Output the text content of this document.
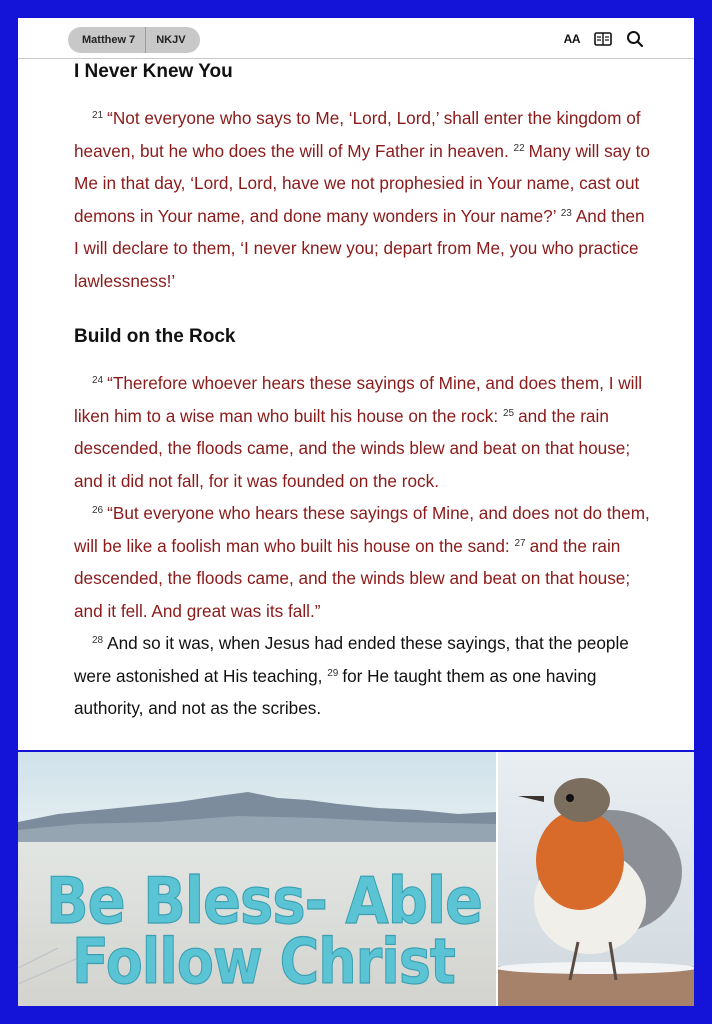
Matthew 7	NKJV	AA
I Never Knew You

$^{21}$ “Not everyone who says to Me, ‘Lord, Lord,’ shall enter the kingdom of heaven, but he who does the will of My Father in heaven. $^{22}$ Many will say to Me in that day, ‘Lord, Lord, have we not prophesied in Your name, cast out demons in Your name, and done many wonders in Your name?’ $^{23}$ And then I will declare to them, ‘I never knew you; depart from Me, you who practice lawlessness!’

Build on the Rock

$^{24}$ “Therefore whoever hears these sayings of Mine, and does them, I will liken him to a wise man who built his house on the rock: $^{25}$ and the rain descended, the floods came, and the winds blew and beat on that house; and it did not fall, for it was founded on the rock.

$^{26}$ “But everyone who hears these sayings of Mine, and does not do them, will be like a foolish man who built his house on the sand: $^{27}$ and the rain descended, the floods came, and the winds blew and beat on that house; and it fell. And great was its fall.”

$^{28}$ And so it was, when Jesus had ended these sayings, that the people were astonished at His teaching, $^{29}$ for He taught them as one having authority, and not as the scribes.

Be Bless- Able
Follow Christ
